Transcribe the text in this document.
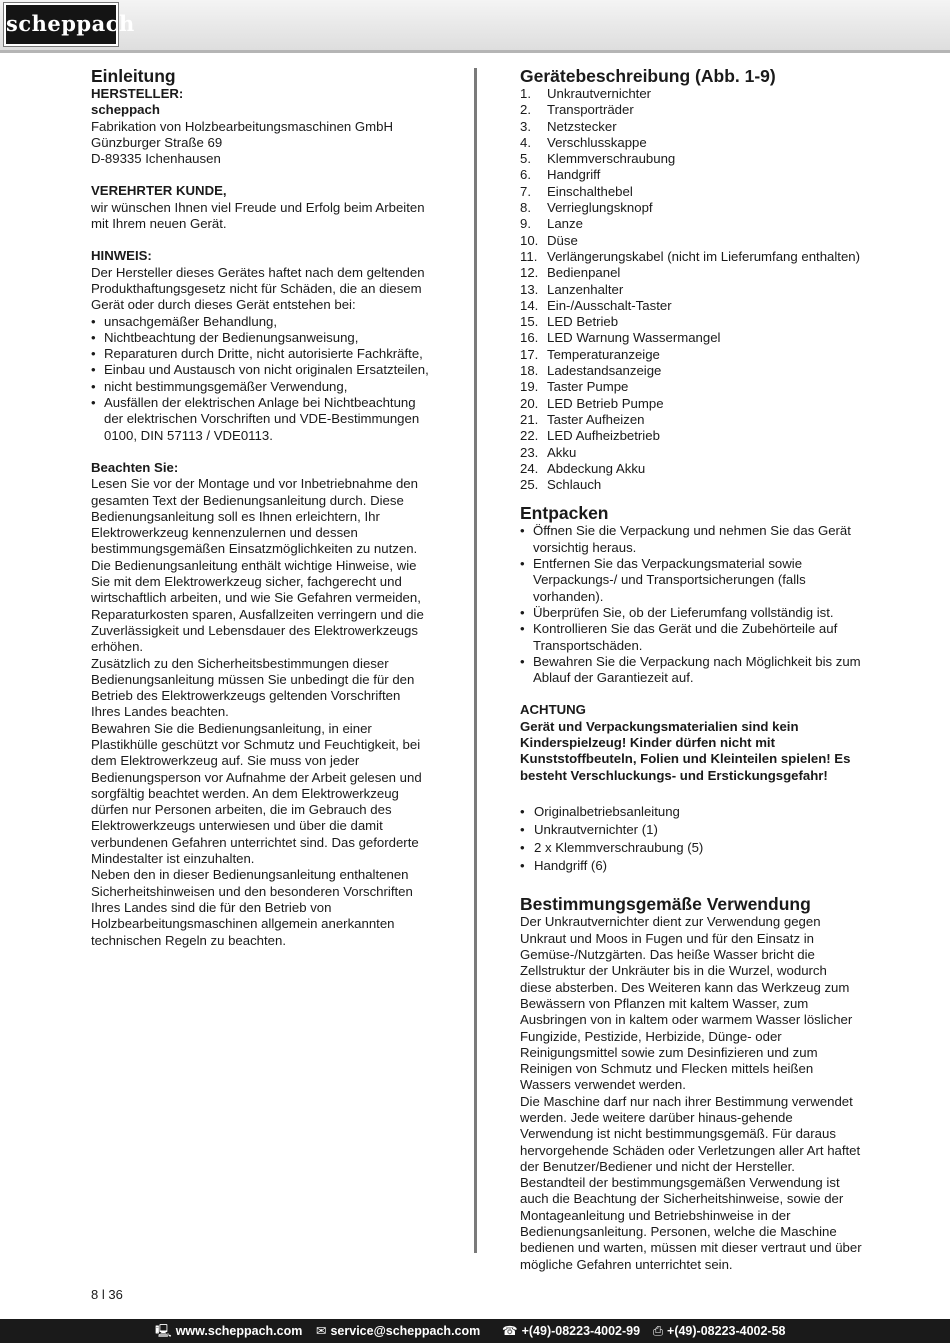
scheppach
Einleitung

HERSTELLER:

scheppach

Fabrikation von Holzbearbeitungsmaschinen GmbH

Günzburger Straße 69

D-89335 Ichenhausen

VEREHRTER KUNDE,

wir wünschen Ihnen viel Freude und Erfolg beim Arbeiten mit Ihrem neuen Gerät.

HINWEIS:

Der Hersteller dieses Gerätes haftet nach dem geltenden Produkthaftungsgesetz nicht für Schäden, die an diesem Gerät oder durch dieses Gerät entstehen bei:

• unsachgemäßer Behandlung,
• Nichtbeachtung der Bedienungsanweisung,
• Reparaturen durch Dritte, nicht autorisierte Fachkräfte,
• Einbau und Austausch von nicht originalen Ersatzteilen,
• nicht bestimmungsgemäßer Verwendung,
• Ausfällen der elektrischen Anlage bei Nichtbeachtung der elektrischen Vorschriften und VDE-Bestimmungen 0100, DIN 57113 / VDE0113.

Beachten Sie:

Lesen Sie vor der Montage und vor Inbetriebnahme den gesamten Text der Bedienungsanleitung durch. Diese Bedienungsanleitung soll es Ihnen erleichtern, Ihr Elektrowerkzeug kennenzulernen und dessen bestimmungsgemäßen Einsatzmöglichkeiten zu nutzen.

Die Bedienungsanleitung enthält wichtige Hinweise, wie Sie mit dem Elektrowerkzeug sicher, fachgerecht und wirtschaftlich arbeiten, und wie Sie Gefahren vermeiden, Reparaturkosten sparen, Ausfallzeiten verringern und die Zuverlässigkeit und Lebensdauer des Elektrowerkzeugs erhöhen.

Zusätzlich zu den Sicherheitsbestimmungen dieser Bedienungsanleitung müssen Sie unbedingt die für den Betrieb des Elektrowerkzeugs geltenden Vorschriften Ihres Landes beachten.

Bewahren Sie die Bedienungsanleitung, in einer Plastikhülle geschützt vor Schmutz und Feuchtigkeit, bei dem Elektrowerkzeug auf. Sie muss von jeder Bedienungsperson vor Aufnahme der Arbeit gelesen und sorgfältig beachtet werden. An dem Elektrowerkzeug dürfen nur Personen arbeiten, die im Gebrauch des Elektrowerkzeugs unterwiesen und über die damit verbundenen Gefahren unterrichtet sind. Das geforderte Mindestalter ist einzuhalten.

Neben den in dieser Bedienungsanleitung enthaltenen Sicherheitshinweisen und den besonderen Vorschriften Ihres Landes sind die für den Betrieb von Holzbearbeitungsmaschinen allgemein anerkannten technischen Regeln zu beachten.

Gerätebeschreibung (Abb. 1-9)
1. Unkrautvernichter
2. Transporträder
3. Netzstecker
4. Verschlusskappe
5. Klemmverschraubung
6. Handgriff
7. Einschalthebel
8. Verrieglungsknopf
9. Lanze
10. Düse
11. Verlängerungskabel (nicht im Lieferumfang enthalten)
12. Bedienpanel
13. Lanzenhalter
14. Ein-/Ausschalt-Taster
15. LED Betrieb
16. LED Warnung Wassermangel
17. Temperaturanzeige
18. Ladestandsanzeige
19. Taster Pumpe
20. LED Betrieb Pumpe
21. Taster Aufheizen
22. LED Aufheizbetrieb
23. Akku
24. Abdeckung Akku
25. Schlauch
Entpacken
• Öffnen Sie die Verpackung und nehmen Sie das Gerät vorsichtig heraus.
• Entfernen Sie das Verpackungsmaterial sowie Verpackungs-/ und Transportsicherungen (falls vorhanden).
• Überprüfen Sie, ob der Lieferumfang vollständig ist.
• Kontrollieren Sie das Gerät und die Zubehörteile auf Transportschäden.
• Bewahren Sie die Verpackung nach Möglichkeit bis zum Ablauf der Garantiezeit auf.

ACHTUNG

Gerät und Verpackungsmaterialien sind kein Kinderspielzeug! Kinder dürfen nicht mit Kunststoffbeuteln, Folien und Kleinteilen spielen! Es besteht Verschluckungs- und Erstickungsgefahr!

• Originalbetriebsanleitung
• Unkrautvernichter (1)
• 2 x Klemmverschraubung (5)
• Handgriff (6)
Bestimmungsgemäße Verwendung

Der Unkrautvernichter dient zur Verwendung gegen Unkraut und Moos in Fugen und für den Einsatz in Gemüse-/Nutzgärten. Das heiße Wasser bricht die Zellstruktur der Unkräuter bis in die Wurzel, wodurch diese absterben. Des Weiteren kann das Werkzeug zum Bewässern von Pflanzen mit kaltem Wasser, zum Ausbringen von in kaltem oder warmem Wasser löslicher Fungizide, Pestizide, Herbizide, Dünge- oder Reinigungsmittel sowie zum Desinfizieren und zum Reinigen von Schmutz und Flecken mittels heißen Wassers verwendet werden.

Die Maschine darf nur nach ihrer Bestimmung verwendet werden. Jede weitere darüber hinaus-gehende Verwendung ist nicht bestimmungsgemäß. Für daraus hervorgehende Schäden oder Verletzungen aller Art haftet der Benutzer/Bediener und nicht der Hersteller.

Bestandteil der bestimmungsgemäßen Verwendung ist auch die Beachtung der Sicherheitshinweise, sowie der Montageanleitung und Betriebshinweise in der Bedienungsanleitung. Personen, welche die Maschine bedienen und warten, müssen mit dieser vertraut und über mögliche Gefahren unterrichtet sein.

8 l 36
🖳 www.scheppach.com ✉ service@scheppach.com ☎ +(49)-08223-4002-99 ⎙ +(49)-08223-4002-58
